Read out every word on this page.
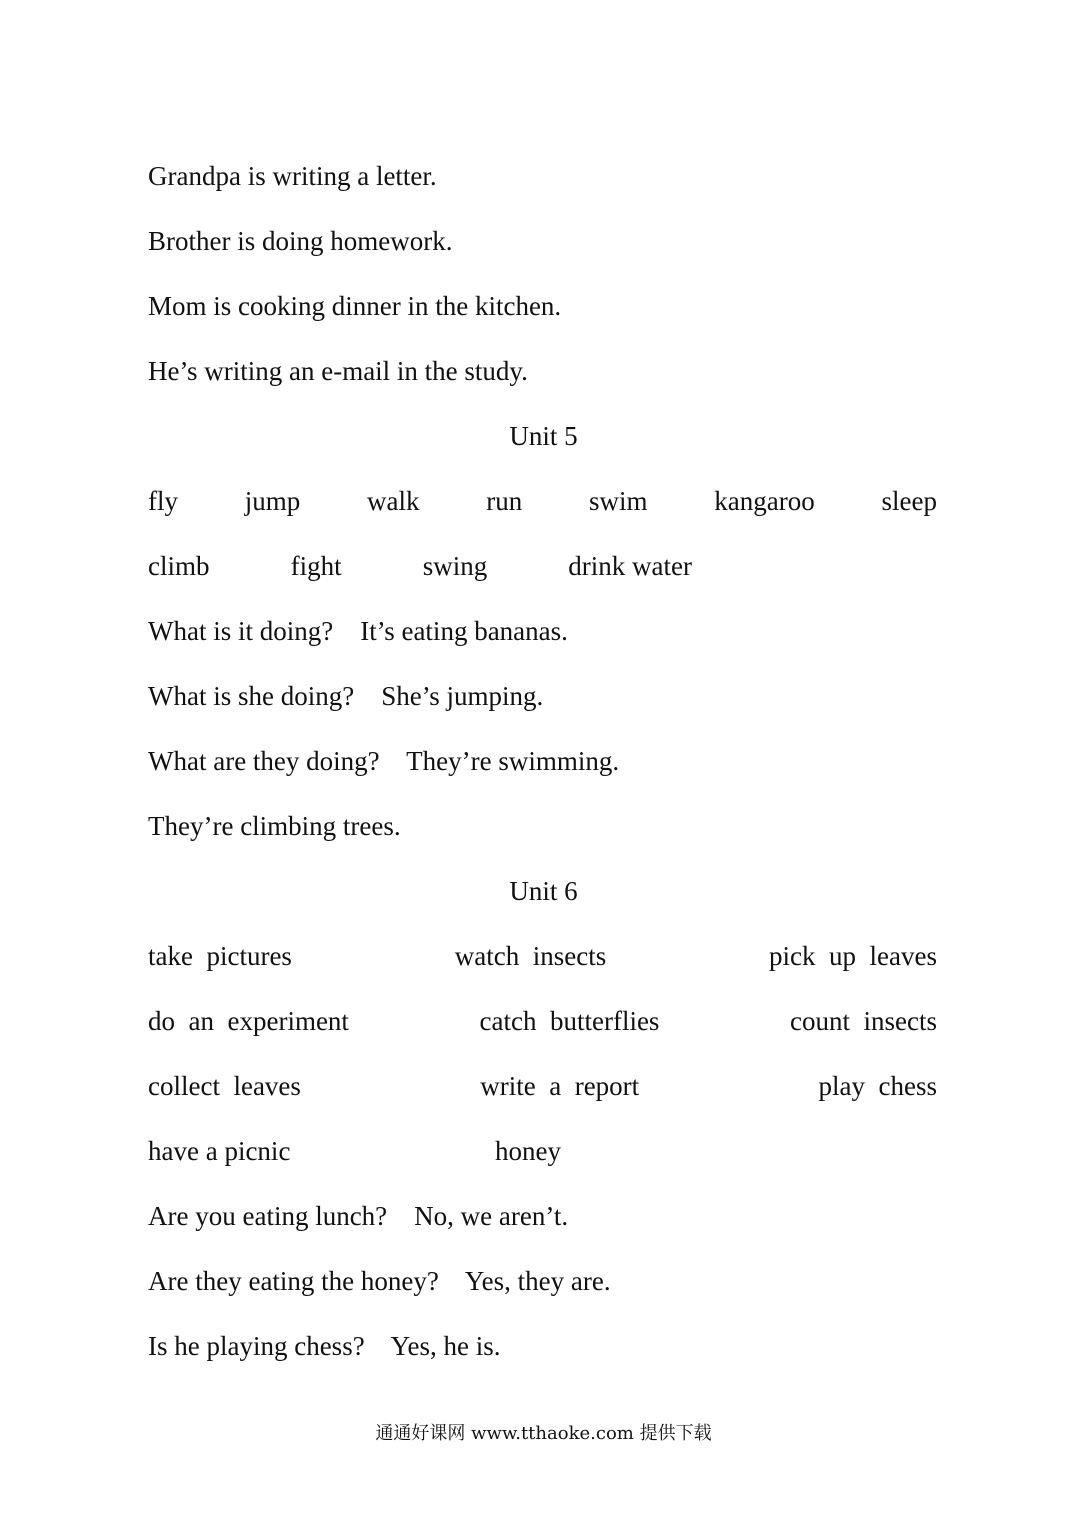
Grandpa is writing a letter.
Brother is doing homework.
Mom is cooking dinner in the kitchen.
He’s writing an e-mail in the study.
Unit 5
fly jump walk run swim kangaroo sleep
climb	fight	swing	drink water
What is it doing?    It’s eating bananas.
What is she doing?    She’s jumping.
What are they doing?    They’re swimming.
They’re climbing trees.
Unit 6
take  pictures	watch  insects	pick  up  leaves
do  an  experiment	catch  butterflies	count  insects
collect  leaves	write  a  report	play  chess
have a picnic	honey
Are you eating lunch?    No, we aren’t.
Are they eating the honey?    Yes, they are.
Is he playing chess?    Yes, he is.
通通好课网 www.tthaoke.com 提供下载
